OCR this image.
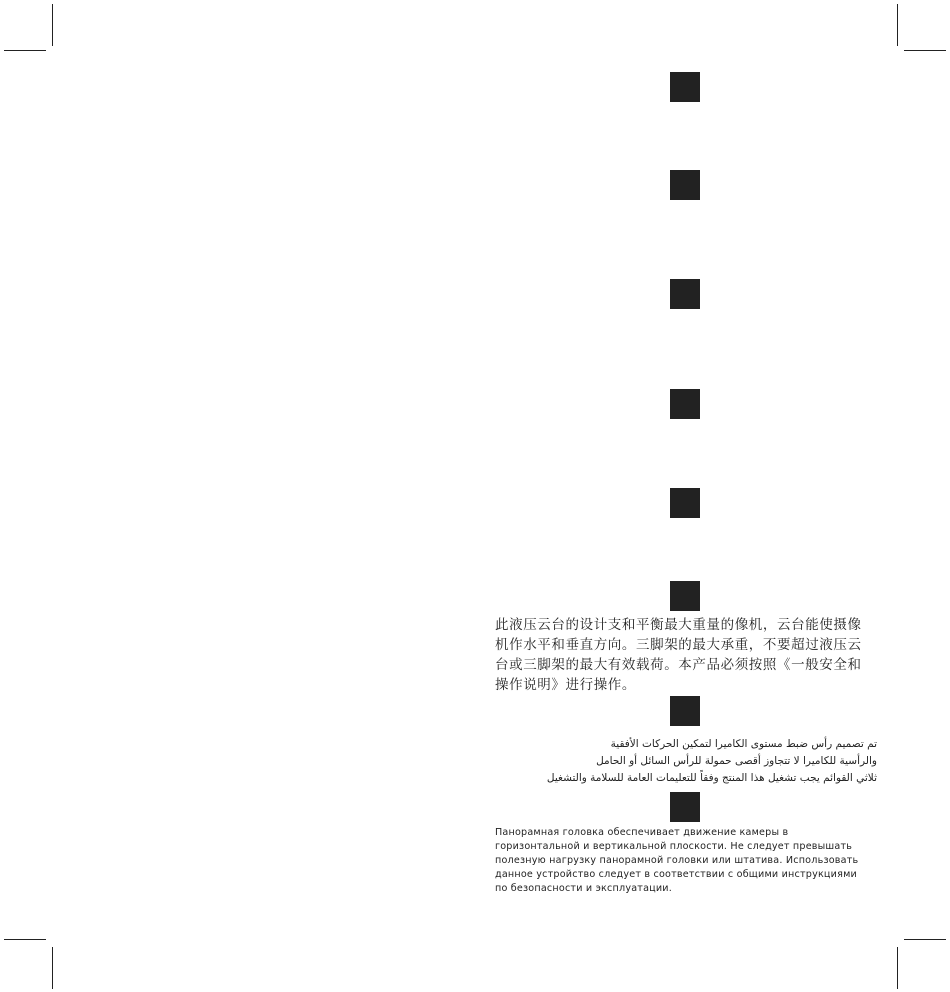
此液压云台的设计支和平衡最大重量的像机，云台能使摄像机作水平和垂直方向。三脚架的最大承重，不要超过液压云台或三脚架的最大有效载荷。本产品必须按照《一般安全和操作说明》进行操作。

تم تصميم رأس ضبط مستوى الكاميرا لتمكين الحركات الأفقية
والرأسية للكاميرا لا تتجاوز أقصى حمولة للرأس السائل أو الحامل
ثلاثي القوائم يجب تشغيل هذا المنتج وفقاً للتعليمات العامة للسلامة والتشغيل
Панорамная головка обеспечивает движение камеры в
горизонтальной и вертикальной плоскости. Не следует превышать
полезную нагрузку панорамной головки или штатива. Использовать
данное устройство следует в соответствии с общими инструкциями
по безопасности и эксплуатации.
